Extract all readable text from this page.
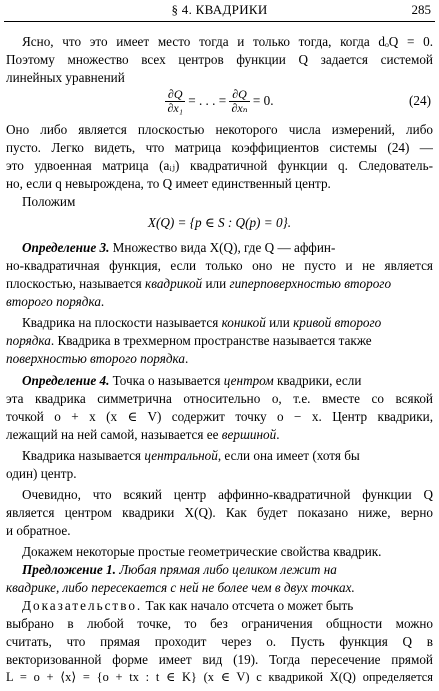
§ 4. КВАДРИКИ	285
Ясно, что это имеет место тогда и только тогда, когда dₒQ = 0.
Поэтому множество всех центров функции Q задается системой
линейных уравнений
$\frac{\partial Q}{\text{∂x₁}}$ = . . . = $\frac{\partial Q}{\text{∂xₙ}} = 0$.	(24)
Оно либо является плоскостью некоторого числа измерений, либо
пусто. Легко видеть, что матрица коэффициентов системы (24) —
это удвоенная матрица (aᵢⱼ) квадратичной функции q. Следователь-
но, если q невырождена, то Q имеет единственный центр.
Положим
X(Q) = {p ∈ S : Q(p) = 0}.
Определение 3. Множество вида X(Q), где Q — аффин-
но-квадратичная функция, если только оно не пусто и не является
плоскостью, называется квадрикой или гиперповерхностью второго
второго порядка.
Квадрика на плоскости называется коникой или кривой второго
порядка. Квадрика в трехмерном пространстве называется также
поверхностью второго порядка.
Определение 4. Точка o называется центром квадрики, если
эта квадрика симметрична относительно o, т.е. вместе со всякой
точкой o + x (x ∈ V) содержит точку o − x. Центр квадрики,
лежащий на ней самой, называется ее вершиной.
Квадрика называется центральной, если она имеет (хотя бы
один) центр.
Очевидно, что всякий центр аффинно-квадратичной функции Q
является центром квадрики X(Q). Как будет показано ниже, верно
и обратное.
Докажем некоторые простые геометрические свойства квадрик.
Предложение 1. Любая прямая либо целиком лежит на
квадрике, либо пересекается с ней не более чем в двух точках.
Доказательство. Так как начало отсчета o может быть
выбрано в любой точке, то без ограничения общности можно
считать, что прямая проходит через o. Пусть функция Q в
векторизованной форме имеет вид (19). Тогда пересечение прямой
L = o + ⟨x⟩ = {o + tx : t ∈ K} (x ∈ V) с квадрикой X(Q) определяется
